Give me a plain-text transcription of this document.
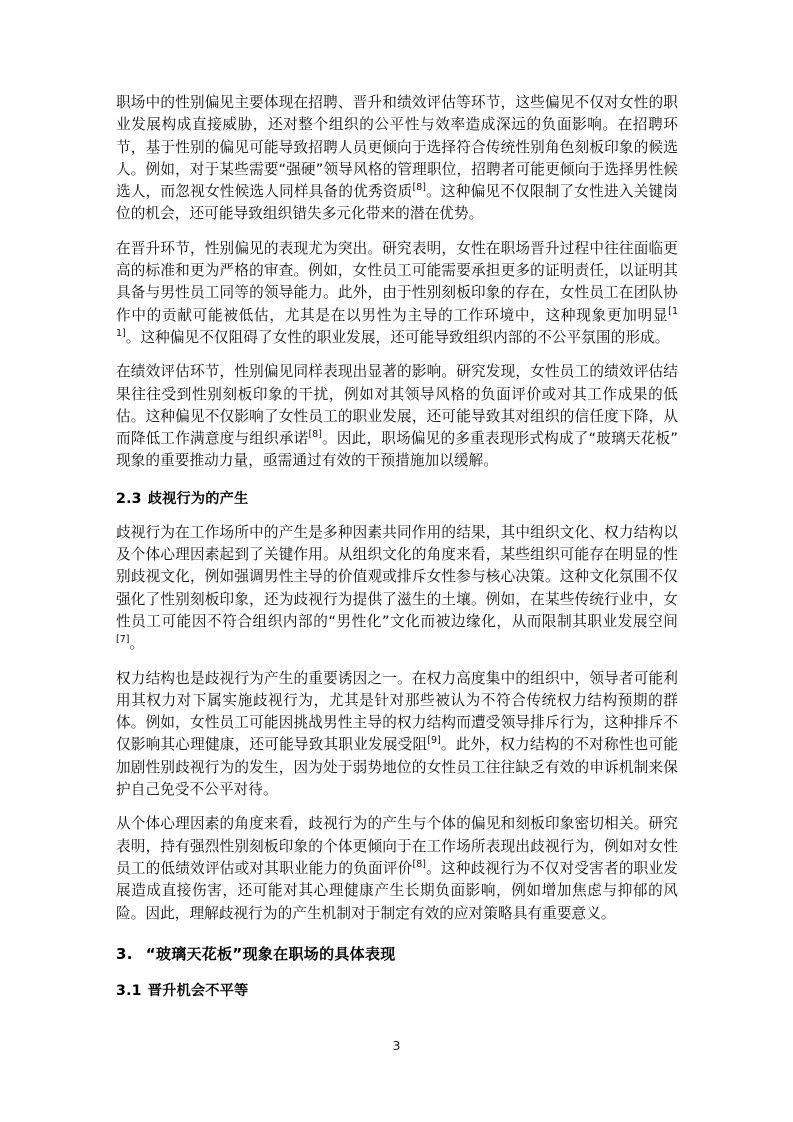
职场中的性别偏见主要体现在招聘、晋升和绩效评估等环节，这些偏见不仅对女性的职业发展构成直接威胁，还对整个组织的公平性与效率造成深远的负面影响。在招聘环节，基于性别的偏见可能导致招聘人员更倾向于选择符合传统性别角色刻板印象的候选人。例如，对于某些需要“强硬”领导风格的管理职位，招聘者可能更倾向于选择男性候选人，而忽视女性候选人同样具备的优秀资质[8]。这种偏见不仅限制了女性进入关键岗位的机会，还可能导致组织错失多元化带来的潜在优势。

在晋升环节，性别偏见的表现尤为突出。研究表明，女性在职场晋升过程中往往面临更高的标准和更为严格的审查。例如，女性员工可能需要承担更多的证明责任，以证明其具备与男性员工同等的领导能力。此外，由于性别刻板印象的存在，女性员工在团队协作中的贡献可能被低估，尤其是在以男性为主导的工作环境中，这种现象更加明显[11]。这种偏见不仅阻碍了女性的职业发展，还可能导致组织内部的不公平氛围的形成。

在绩效评估环节，性别偏见同样表现出显著的影响。研究发现，女性员工的绩效评估结果往往受到性别刻板印象的干扰，例如对其领导风格的负面评价或对其工作成果的低估。这种偏见不仅影响了女性员工的职业发展，还可能导致其对组织的信任度下降，从而降低工作满意度与组织承诺[8]。因此，职场偏见的多重表现形式构成了“玻璃天花板”现象的重要推动力量，亟需通过有效的干预措施加以缓解。

2.3 歧视行为的产生

歧视行为在工作场所中的产生是多种因素共同作用的结果，其中组织文化、权力结构以及个体心理因素起到了关键作用。从组织文化的角度来看，某些组织可能存在明显的性别歧视文化，例如强调男性主导的价值观或排斥女性参与核心决策。这种文化氛围不仅强化了性别刻板印象，还为歧视行为提供了滋生的土壤。例如，在某些传统行业中，女性员工可能因不符合组织内部的“男性化”文化而被边缘化，从而限制其职业发展空间[7]。

权力结构也是歧视行为产生的重要诱因之一。在权力高度集中的组织中，领导者可能利用其权力对下属实施歧视行为，尤其是针对那些被认为不符合传统权力结构预期的群体。例如，女性员工可能因挑战男性主导的权力结构而遭受领导排斥行为，这种排斥不仅影响其心理健康，还可能导致其职业发展受阻[9]。此外，权力结构的不对称性也可能加剧性别歧视行为的发生，因为处于弱势地位的女性员工往往缺乏有效的申诉机制来保护自己免受不公平对待。

从个体心理因素的角度来看，歧视行为的产生与个体的偏见和刻板印象密切相关。研究表明，持有强烈性别刻板印象的个体更倾向于在工作场所表现出歧视行为，例如对女性员工的低绩效评估或对其职业能力的负面评价[8]。这种歧视行为不仅对受害者的职业发展造成直接伤害，还可能对其心理健康产生长期负面影响，例如增加焦虑与抑郁的风险。因此，理解歧视行为的产生机制对于制定有效的应对策略具有重要意义。

3. “玻璃天花板”现象在职场的具体表现
3.1 晋升机会不平等
3
